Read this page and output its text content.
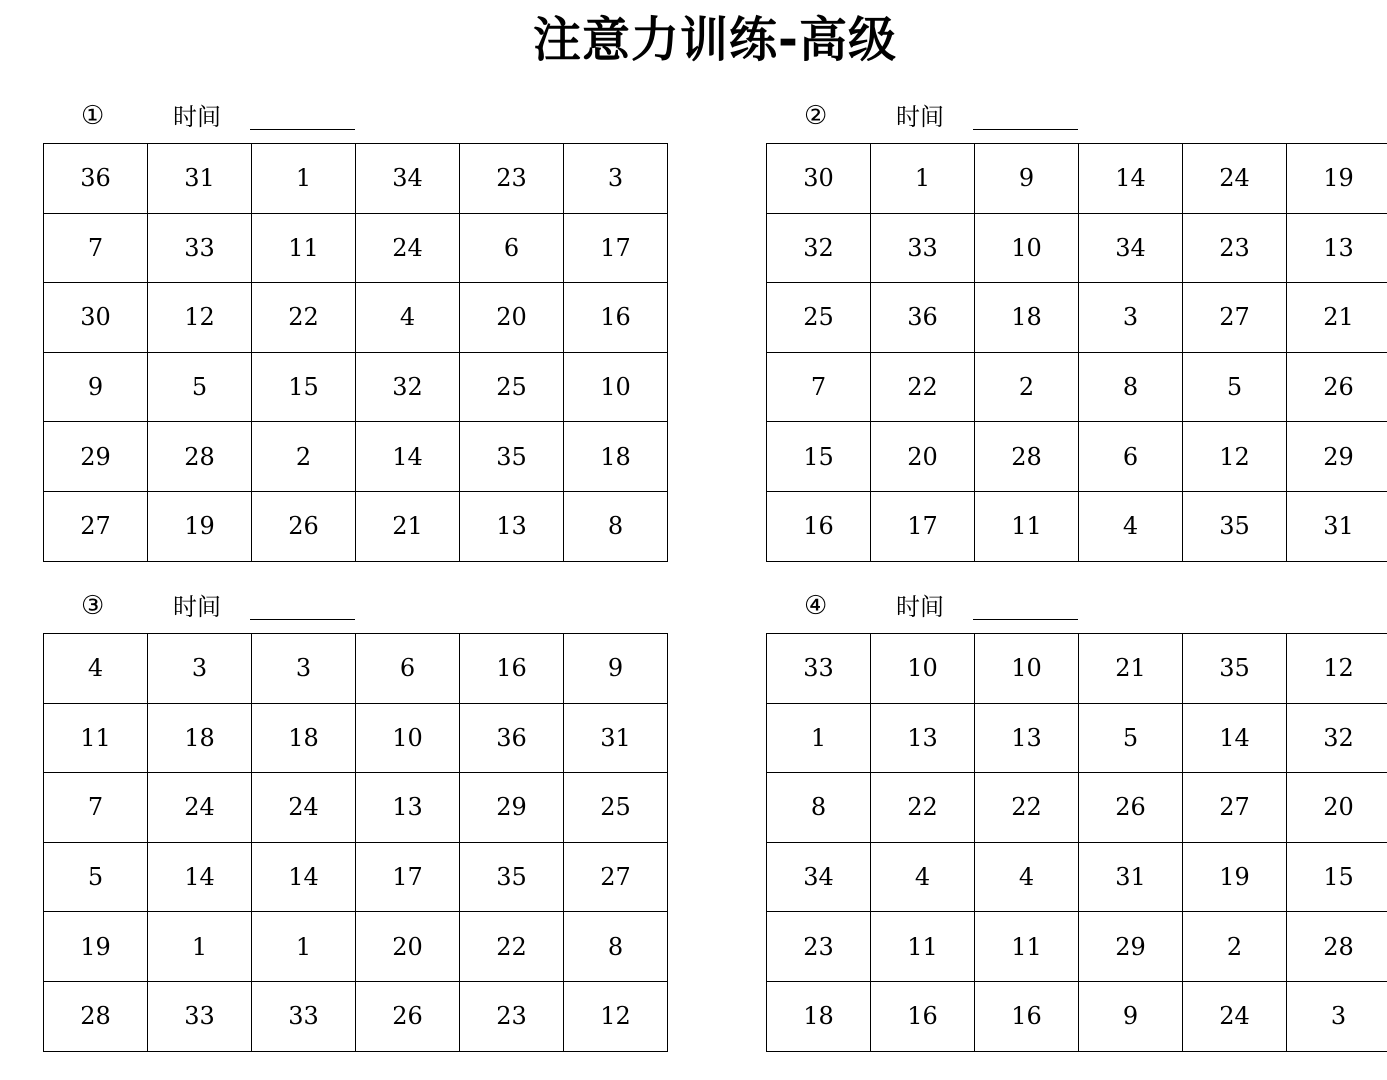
注意力训练-高级
①	时间
36	31	1	34	23	3
7	33	11	24	6	17
30	12	22	4	20	16
9	5	15	32	25	10
29	28	2	14	35	18
27	19	26	21	13	8
②	时间
30	1	9	14	24	19
32	33	10	34	23	13
25	36	18	3	27	21
7	22	2	8	5	26
15	20	28	6	12	29
16	17	11	4	35	31
③	时间
4	3	3	6	16	9
11	18	18	10	36	31
7	24	24	13	29	25
5	14	14	17	35	27
19	1	1	20	22	8
28	33	33	26	23	12
④	时间
33	10	10	21	35	12
1	13	13	5	14	32
8	22	22	26	27	20
34	4	4	31	19	15
23	11	11	29	2	28
18	16	16	9	24	3
